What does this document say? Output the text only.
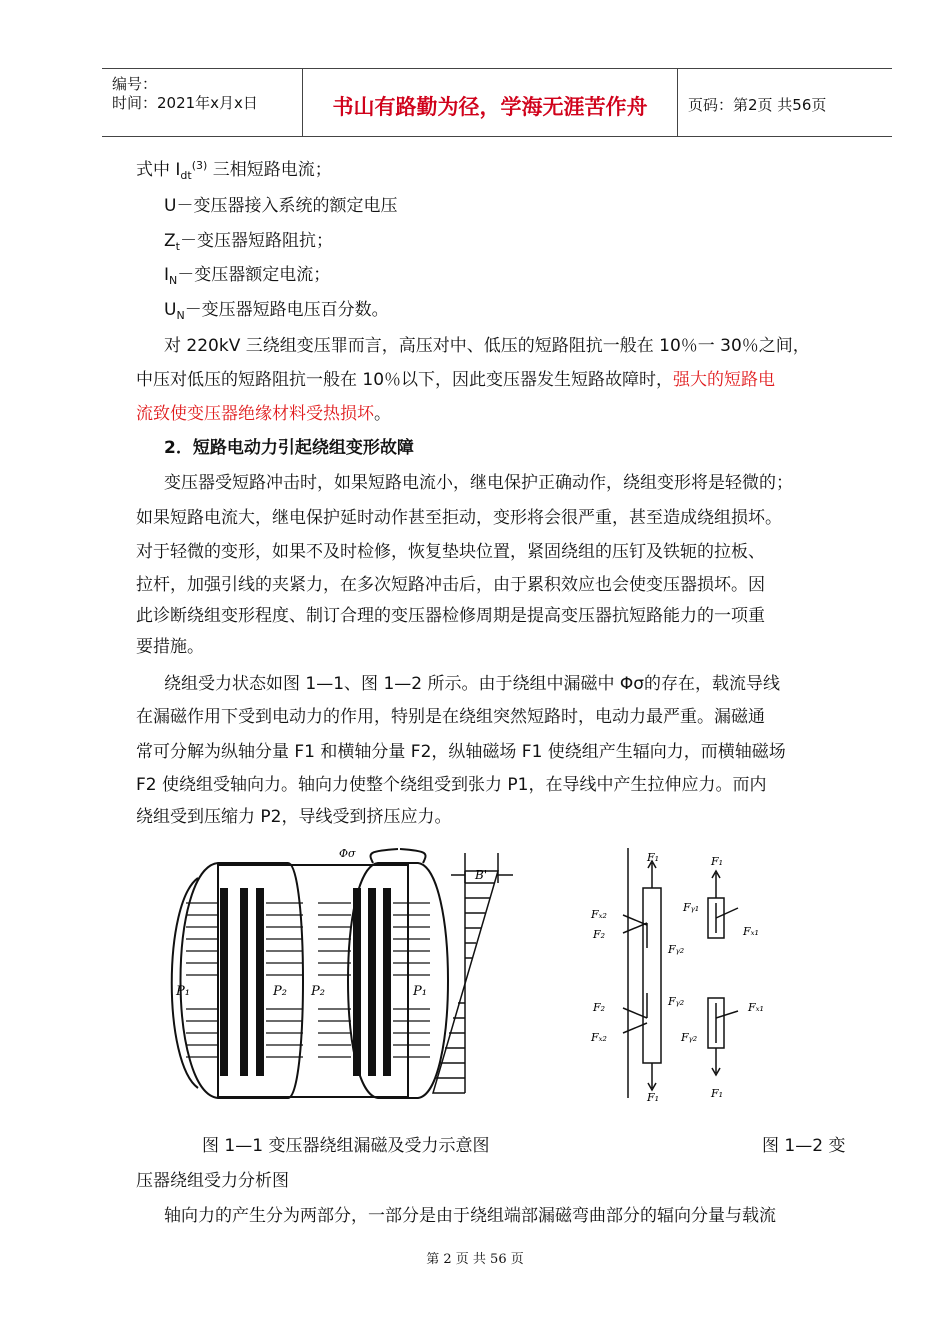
编号：
时间：2021年x月x日	书山有路勤为径，学海无涯苦作舟	页码：第2页 共56页
式中 $I_{dt}^{(3)}$ 三相短路电流；
U－变压器接入系统的额定电压
$Z_t-$变压器短路阻抗；
$I_N-$变压器额定电流；
$U_N-$变压器短路电压百分数。
对 220kV 三绕组变压罪而言，高压对中、低压的短路阻抗一般在 10％一 30％之间，
中压对低压的短路阻抗一般在 10％以下，因此变压器发生短路故障时，强大的短路电
流致使变压器绝缘材料受热损坏。
2．短路电动力引起绕组变形故障
变压器受短路冲击时，如果短路电流小，继电保护正确动作，绕组变形将是轻微的；
如果短路电流大，继电保护延时动作甚至拒动，变形将会很严重，甚至造成绕组损坏。
对于轻微的变形，如果不及时检修，恢复垫块位置，紧固绕组的压钉及铁轭的拉板、
拉杆，加强引线的夹紧力，在多次短路冲击后，由于累积效应也会使变压器损坏。因
此诊断绕组变形程度、制订合理的变压器检修周期是提高变压器抗短路能力的一项重
要措施。
绕组受力状态如图 1—1、图 1—2 所示。由于绕组中漏磁中 Φσ的存在，载流导线
在漏磁作用下受到电动力的作用，特别是在绕组突然短路时，电动力最严重。漏磁通
常可分解为纵轴分量 F1 和横轴分量 F2，纵轴磁场 F1 使绕组产生辐向力，而横轴磁场
F2 使绕组受轴向力。轴向力使整个绕组受到张力 P1，在导线中产生拉伸应力。而内
绕组受到压缩力 P2，导线受到挤压应力。
Φσ
B'
P₁	P₂ P₂	P₁
F₁
Fₓ₂
F₂
Fᵧ₂
F₁
Fᵧ₁
Fₓ₁
Fᵧ₂
F₂
Fₓ₂
Fₓ₁
Fᵧ₂
F₁	F₁
图 1—1 变压器绕组漏磁及受力示意图	图 1—2 变
压器绕组受力分析图
轴向力的产生分为两部分，一部分是由于绕组端部漏磁弯曲部分的辐向分量与载流
第 2 页 共 56 页
